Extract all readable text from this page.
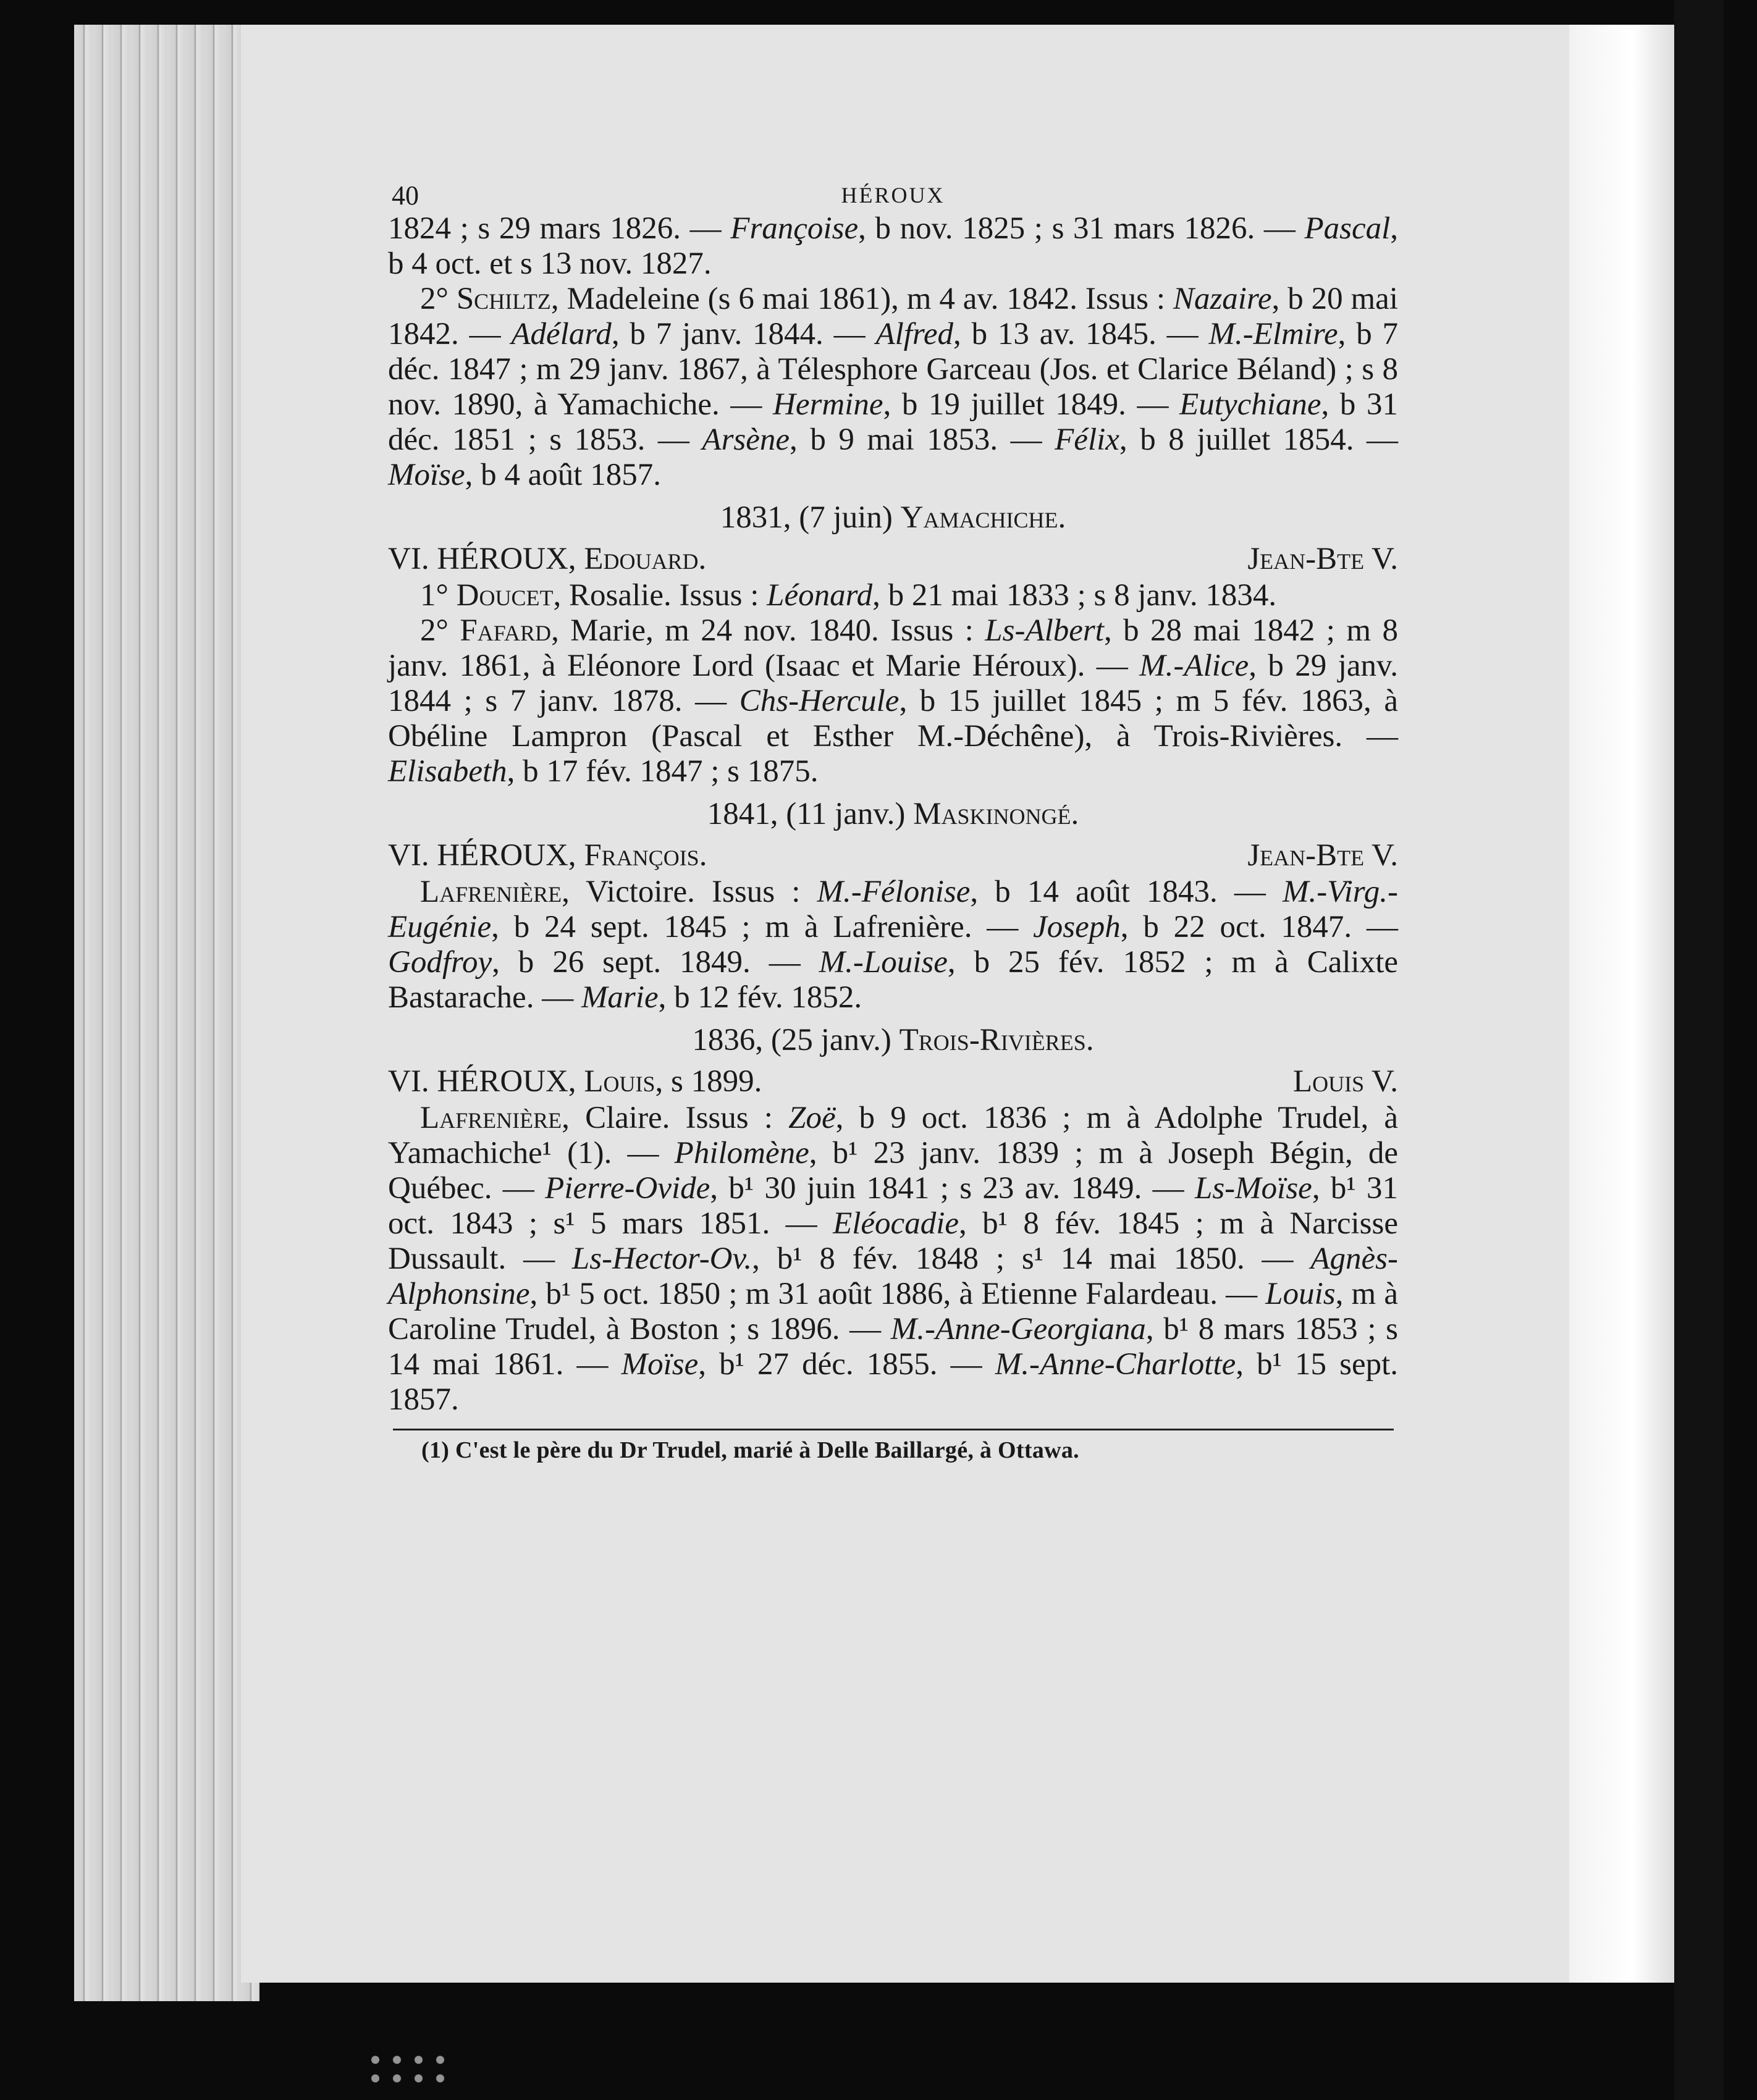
40	HÉROUX

1824 ; s 29 mars 1826. — Françoise, b nov. 1825 ; s 31 mars 1826. — Pascal, b 4 oct. et s 13 nov. 1827.

2° Schiltz, Madeleine (s 6 mai 1861), m 4 av. 1842. Issus : Nazaire, b 20 mai 1842. — Adélard, b 7 janv. 1844. — Alfred, b 13 av. 1845. — M.-Elmire, b 7 déc. 1847 ; m 29 janv. 1867, à Télesphore Garceau (Jos. et Clarice Béland) ; s 8 nov. 1890, à Yamachiche. — Hermine, b 19 juillet 1849. — Eutychiane, b 31 déc. 1851 ; s 1853. — Arsène, b 9 mai 1853. — Félix, b 8 juillet 1854. — Moïse, b 4 août 1857.

1831, (7 juin) Yamachiche.
VI. HÉROUX, Edouard.	Jean-Bte V.

1° Doucet, Rosalie. Issus : Léonard, b 21 mai 1833 ; s 8 janv. 1834.

2° Fafard, Marie, m 24 nov. 1840. Issus : Ls-Albert, b 28 mai 1842 ; m 8 janv. 1861, à Eléonore Lord (Isaac et Marie Héroux). — M.-Alice, b 29 janv. 1844 ; s 7 janv. 1878. — Chs-Hercule, b 15 juillet 1845 ; m 5 fév. 1863, à Obéline Lampron (Pascal et Esther M.-Déchêne), à Trois-Rivières. — Elisabeth, b 17 fév. 1847 ; s 1875.

1841, (11 janv.) Maskinongé.
VI. HÉROUX, François.	Jean-Bte V.

Lafrenière, Victoire. Issus : M.-Félonise, b 14 août 1843. — M.-Virg.-Eugénie, b 24 sept. 1845 ; m à Lafrenière. — Joseph, b 22 oct. 1847. — Godfroy, b 26 sept. 1849. — M.-Louise, b 25 fév. 1852 ; m à Calixte Bastarache. — Marie, b 12 fév. 1852.

1836, (25 janv.) Trois-Rivières.
VI. HÉROUX, Louis, s 1899.	Louis V.

Lafrenière, Claire. Issus : Zoë, b 9 oct. 1836 ; m à Adolphe Trudel, à Yamachiche¹ (1). — Philomène, b¹ 23 janv. 1839 ; m à Joseph Bégin, de Québec. — Pierre-Ovide, b¹ 30 juin 1841 ; s 23 av. 1849. — Ls-Moïse, b¹ 31 oct. 1843 ; s¹ 5 mars 1851. — Eléocadie, b¹ 8 fév. 1845 ; m à Narcisse Dussault. — Ls-Hector-Ov., b¹ 8 fév. 1848 ; s¹ 14 mai 1850. — Agnès-Alphonsine, b¹ 5 oct. 1850 ; m 31 août 1886, à Etienne Falardeau. — Louis, m à Caroline Trudel, à Boston ; s 1896. — M.-Anne-Georgiana, b¹ 8 mars 1853 ; s 14 mai 1861. — Moïse, b¹ 27 déc. 1855. — M.-Anne-Charlotte, b¹ 15 sept. 1857.

(1) C'est le père du Dr Trudel, marié à Delle Baillargé, à Ottawa.
